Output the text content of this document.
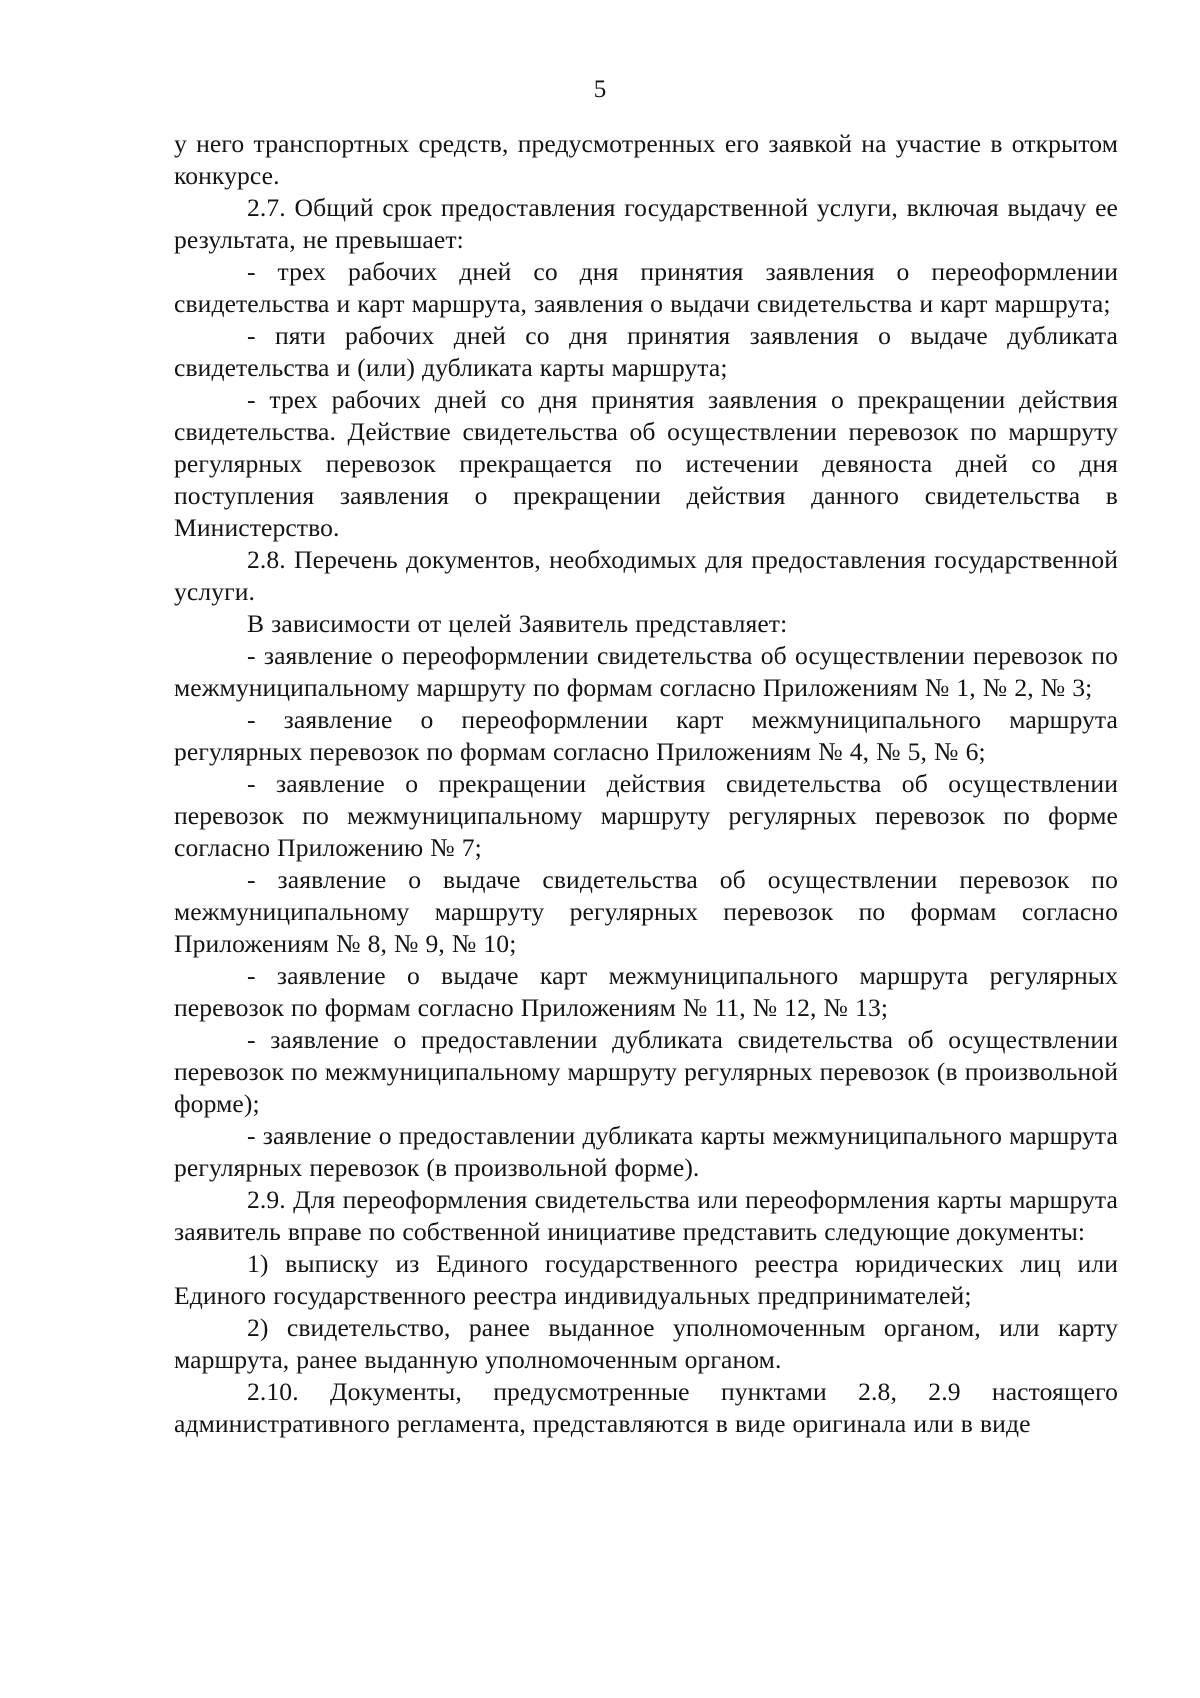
5

у него транспортных средств, предусмотренных его заявкой на участие в открытом конкурсе.

2.7. Общий срок предоставления государственной услуги, включая выдачу ее результата, не превышает:

- трех рабочих дней со дня принятия заявления о переоформлении свидетельства и карт маршрута, заявления о выдачи свидетельства и карт маршрута;

- пяти рабочих дней со дня принятия заявления о выдаче дубликата свидетельства и (или) дубликата карты маршрута;

- трех рабочих дней со дня принятия заявления о прекращении действия свидетельства. Действие свидетельства об осуществлении перевозок по маршруту регулярных перевозок прекращается по истечении девяноста дней со дня поступления заявления о прекращении действия данного свидетельства в Министерство.

2.8. Перечень документов, необходимых для предоставления государственной услуги.

В зависимости от целей Заявитель представляет:

- заявление о переоформлении свидетельства об осуществлении перевозок по межмуниципальному маршруту по формам согласно Приложениям № 1, № 2, № 3;

- заявление о переоформлении карт межмуниципального маршрута регулярных перевозок по формам согласно Приложениям № 4, № 5, № 6;

- заявление о прекращении действия свидетельства об осуществлении перевозок по межмуниципальному маршруту регулярных перевозок по форме согласно Приложению № 7;

- заявление о выдаче свидетельства об осуществлении перевозок по межмуниципальному маршруту регулярных перевозок по формам согласно Приложениям № 8, № 9, № 10;

- заявление о выдаче карт межмуниципального маршрута регулярных перевозок по формам согласно Приложениям № 11, № 12, № 13;

- заявление о предоставлении дубликата свидетельства об осуществлении перевозок по межмуниципальному маршруту регулярных перевозок (в произвольной форме);

- заявление о предоставлении дубликата карты межмуниципального маршрута регулярных перевозок (в произвольной форме).

2.9. Для переоформления свидетельства или переоформления карты маршрута заявитель вправе по собственной инициативе представить следующие документы:

1) выписку из Единого государственного реестра юридических лиц или Единого государственного реестра индивидуальных предпринимателей;

2) свидетельство, ранее выданное уполномоченным органом, или карту маршрута, ранее выданную уполномоченным органом.

2.10. Документы, предусмотренные пунктами 2.8, 2.9 настоящего административного регламента, представляются в виде оригинала или в виде
